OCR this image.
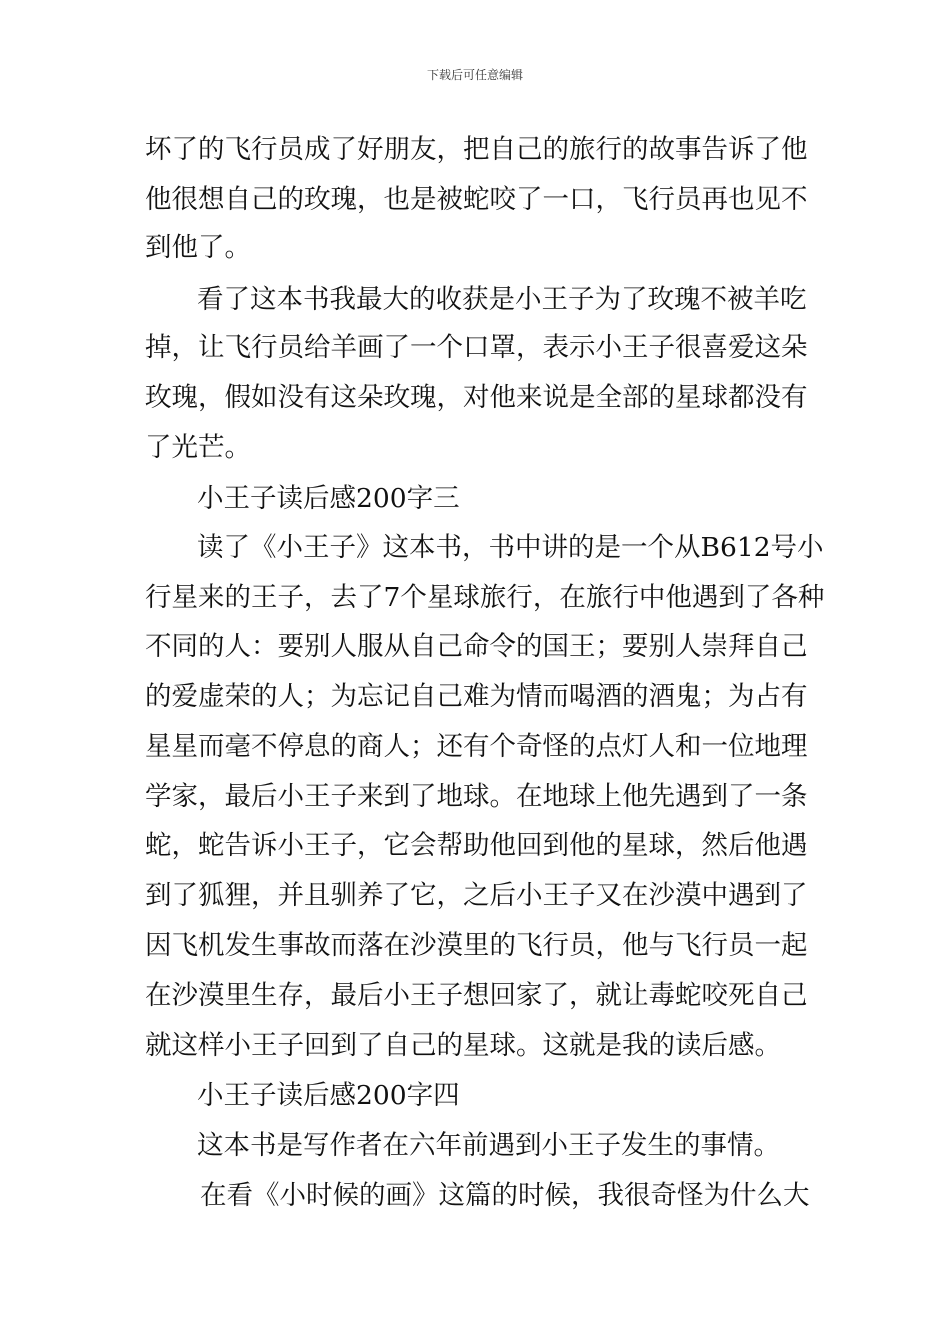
下载后可任意编辑
坏了的飞行员成了好朋友，把自己的旅行的故事告诉了他
他很想自己的玫瑰，也是被蛇咬了一口，飞行员再也见不
到他了。
看了这本书我最大的收获是小王子为了玫瑰不被羊吃
掉，让飞行员给羊画了一个口罩，表示小王子很喜爱这朵
玫瑰，假如没有这朵玫瑰，对他来说是全部的星球都没有
了光芒。
小王子读后感200字三
读了《小王子》这本书，书中讲的是一个从B612号小
行星来的王子，去了7个星球旅行，在旅行中他遇到了各种
不同的人：要别人服从自己命令的国王；要别人崇拜自己
的爱虚荣的人；为忘记自己难为情而喝酒的酒鬼；为占有
星星而毫不停息的商人；还有个奇怪的点灯人和一位地理
学家，最后小王子来到了地球。在地球上他先遇到了一条
蛇，蛇告诉小王子，它会帮助他回到他的星球，然后他遇
到了狐狸，并且驯养了它，之后小王子又在沙漠中遇到了
因飞机发生事故而落在沙漠里的飞行员，他与飞行员一起
在沙漠里生存，最后小王子想回家了，就让毒蛇咬死自己
就这样小王子回到了自己的星球。这就是我的读后感。
小王子读后感200字四
这本书是写作者在六年前遇到小王子发生的事情。
在看《小时候的画》这篇的时候，我很奇怪为什么大
